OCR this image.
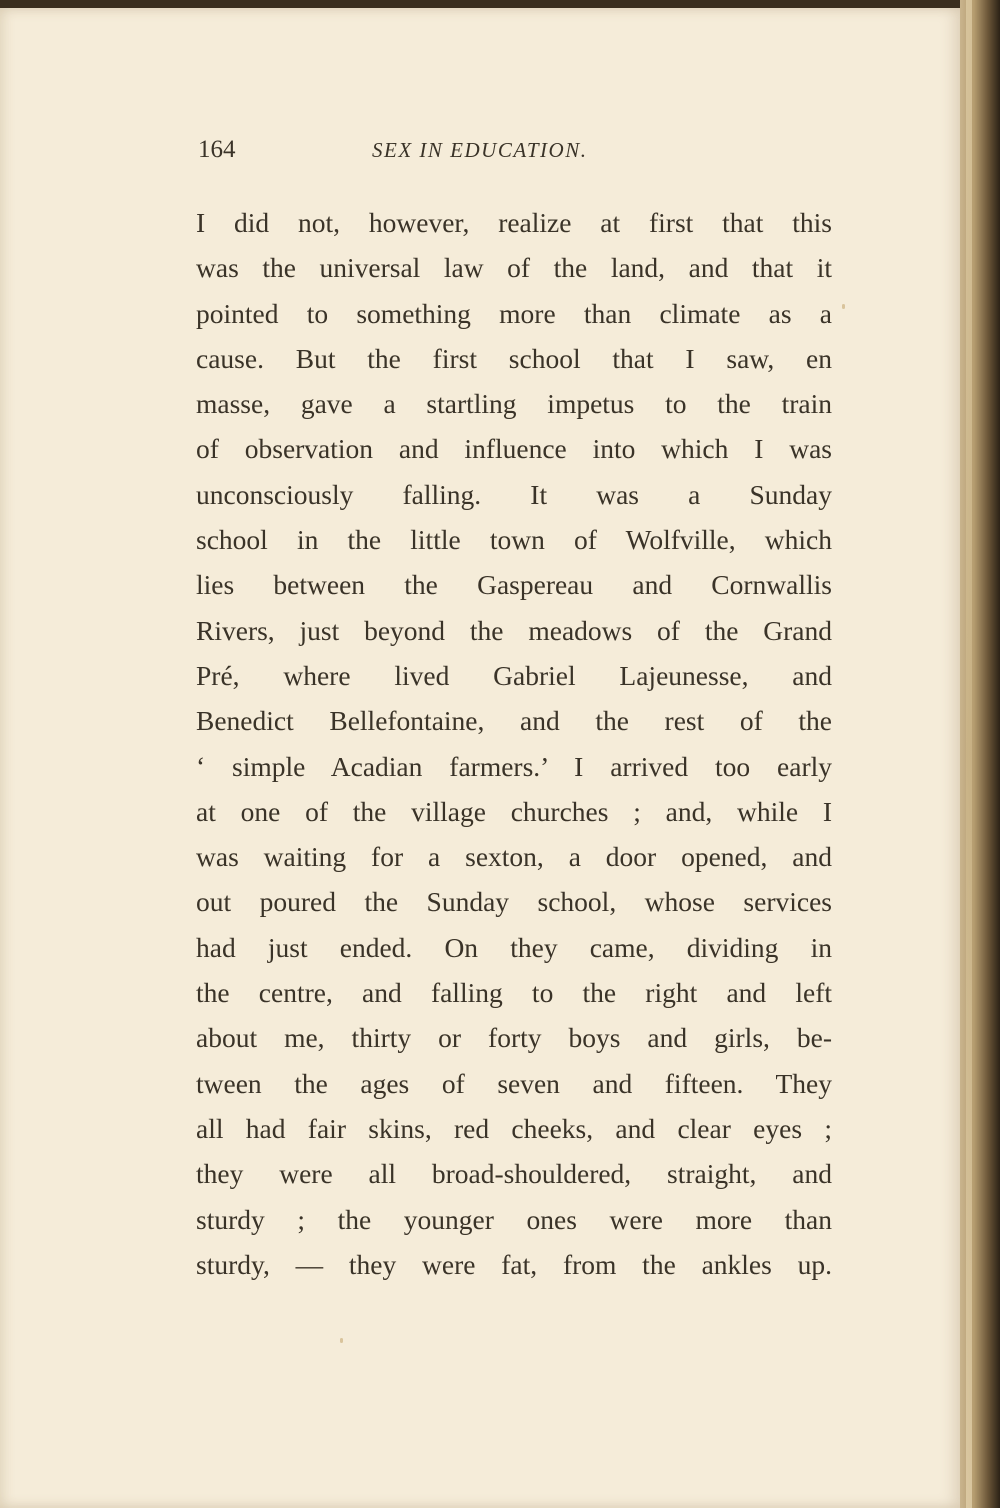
164	SEX IN EDUCATION.
I did not, however, realize at first that this
was the universal law of the land, and that it
pointed to something more than climate as a
cause. But the first school that I saw, en
masse, gave a startling impetus to the train
of observation and influence into which I was
unconsciously falling. It was a Sunday
school in the little town of Wolfville, which
lies between the Gaspereau and Cornwallis
Rivers, just beyond the meadows of the Grand
Pré, where lived Gabriel Lajeunesse, and
Benedict Bellefontaine, and the rest of the
‘ simple Acadian farmers.’ I arrived too early
at one of the village churches ; and, while I
was waiting for a sexton, a door opened, and
out poured the Sunday school, whose services
had just ended. On they came, dividing in
the centre, and falling to the right and left
about me, thirty or forty boys and girls, be-
tween the ages of seven and fifteen. They
all had fair skins, red cheeks, and clear eyes ;
they were all broad-shouldered, straight, and
sturdy ; the younger ones were more than
sturdy, — they were fat, from the ankles up.
